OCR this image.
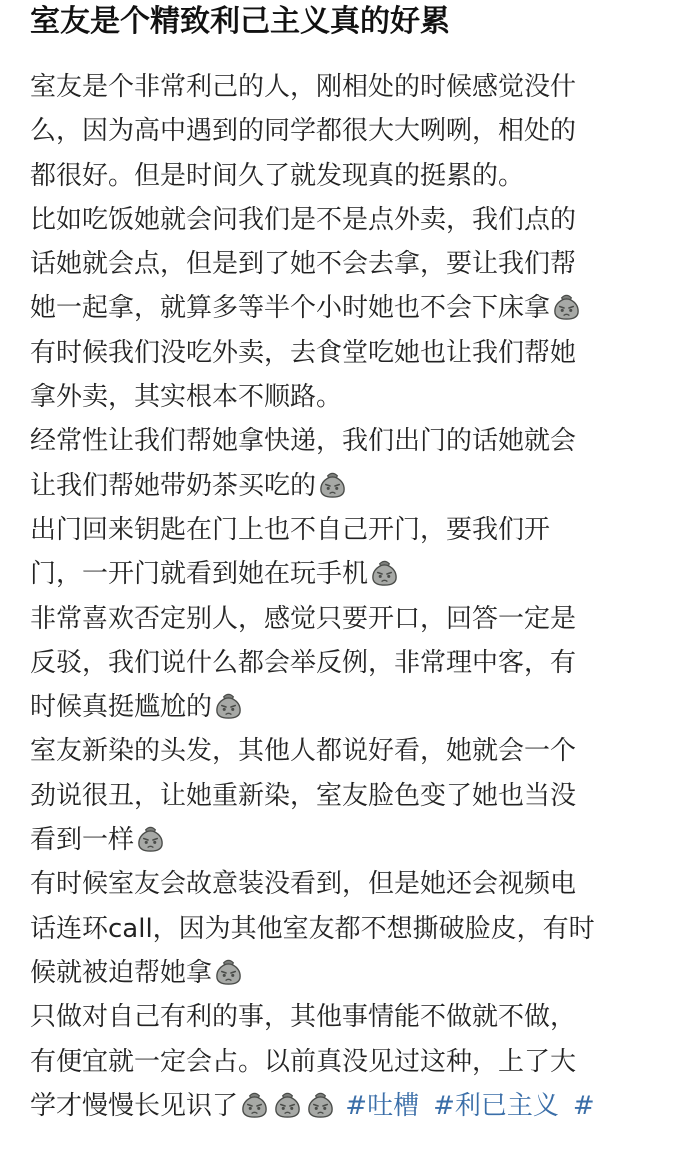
室友是个精致利己主义真的好累

室友是个非常利己的人，刚相处的时候感觉没什
么，因为高中遇到的同学都很大大咧咧，相处的
都很好。但是时间久了就发现真的挺累的。

比如吃饭她就会问我们是不是点外卖，我们点的
话她就会点，但是到了她不会去拿，要让我们帮
她一起拿，就算多等半个小时她也不会下床拿

有时候我们没吃外卖，去食堂吃她也让我们帮她
拿外卖，其实根本不顺路。

经常性让我们帮她拿快递，我们出门的话她就会
让我们帮她带奶茶买吃的

出门回来钥匙在门上也不自己开门，要我们开
门，一开门就看到她在玩手机

非常喜欢否定别人，感觉只要开口，回答一定是
反驳，我们说什么都会举反例，非常理中客，有
时候真挺尴尬的

室友新染的头发，其他人都说好看，她就会一个
劲说很丑，让她重新染，室友脸色变了她也当没
看到一样

有时候室友会故意装没看到，但是她还会视频电
话连环call，因为其他室友都不想撕破脸皮，有时
候就被迫帮她拿

只做对自己有利的事，其他事情能不做就不做，
有便宜就一定会占。以前真没见过这种，上了大
学才慢慢长见识了	#吐槽 #利已主义 #
